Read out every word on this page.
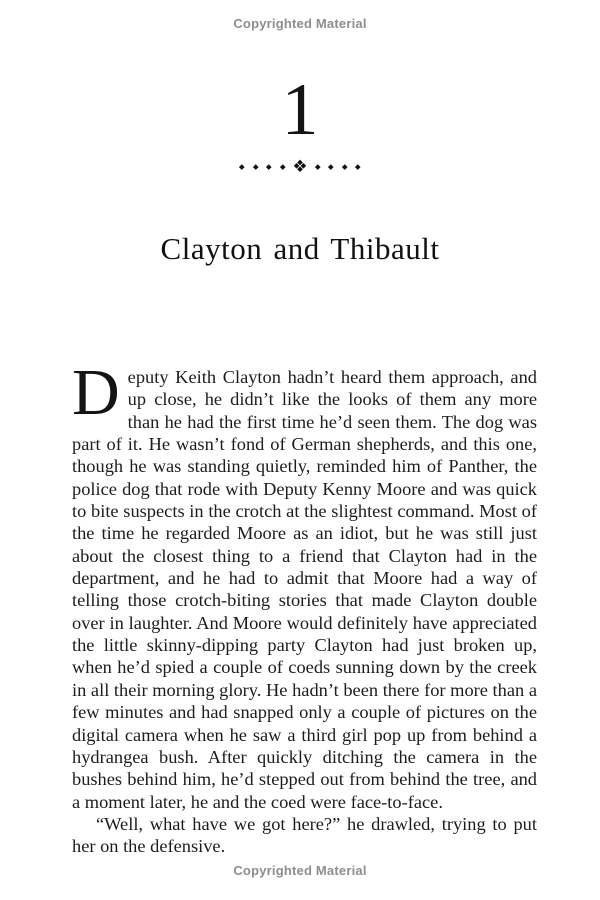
Copyrighted Material
1
❖
Clayton and Thibault

Deputy Keith Clayton hadn’t heard them approach, and up close, he didn’t like the looks of them any more than he had the first time he’d seen them. The dog was part of it. He wasn’t fond of German shepherds, and this one, though he was standing quietly, reminded him of Panther, the police dog that rode with Deputy Kenny Moore and was quick to bite suspects in the crotch at the slightest command. Most of the time he regarded Moore as an idiot, but he was still just about the closest thing to a friend that Clayton had in the department, and he had to admit that Moore had a way of telling those crotch-biting stories that made Clayton double over in laughter. And Moore would definitely have appreciated the little skinny-dipping party Clayton had just broken up, when he’d spied a couple of coeds sunning down by the creek in all their morning glory. He hadn’t been there for more than a few minutes and had snapped only a couple of pictures on the digital camera when he saw a third girl pop up from behind a hydrangea bush. After quickly ditching the camera in the bushes behind him, he’d stepped out from behind the tree, and a moment later, he and the coed were face-to-face.

“Well, what have we got here?” he drawled, trying to put her on the defensive.

Copyrighted Material
